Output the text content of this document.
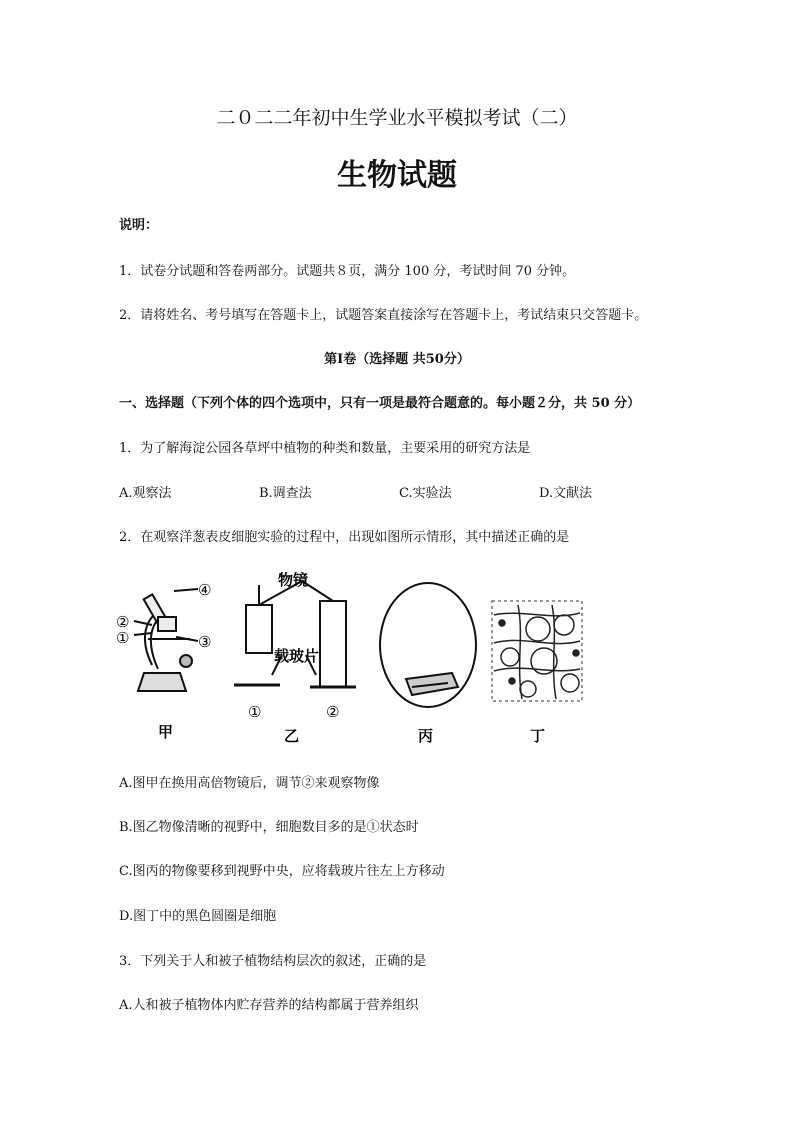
二０二二年初中生学业水平模拟考试（二）
生物试题
说明：
1．试卷分试题和答卷两部分。试题共８页，满分 100 分，考试时间 70 分钟。
2．请将姓名、考号填写在答题卡上，试题答案直接涂写在答题卡上，考试结束只交答题卡。
第Ⅰ卷（选择题 共50分）
一、选择题（下列个体的四个选项中，只有一项是最符合题意的。每小题２分，共 50 分）
1．为了解海淀公园各草坪中植物的种类和数量，主要采用的研究方法是
A.观察法	B.调查法	C.实验法	D.文献法
2．在观察洋葱表皮细胞实验的过程中，出现如图所示情形，其中描述正确的是
④
②
①	③
甲
物镜
载玻片
①	②
乙	丙	丁
A.图甲在换用高倍物镜后，调节②来观察物像
B.图乙物像清晰的视野中，细胞数目多的是①状态时
C.图丙的物像要移到视野中央，应将载玻片往左上方移动
D.图丁中的黑色圆圈是细胞
3．下列关于人和被子植物结构层次的叙述，正确的是
A.人和被子植物体内贮存营养的结构都属于营养组织
